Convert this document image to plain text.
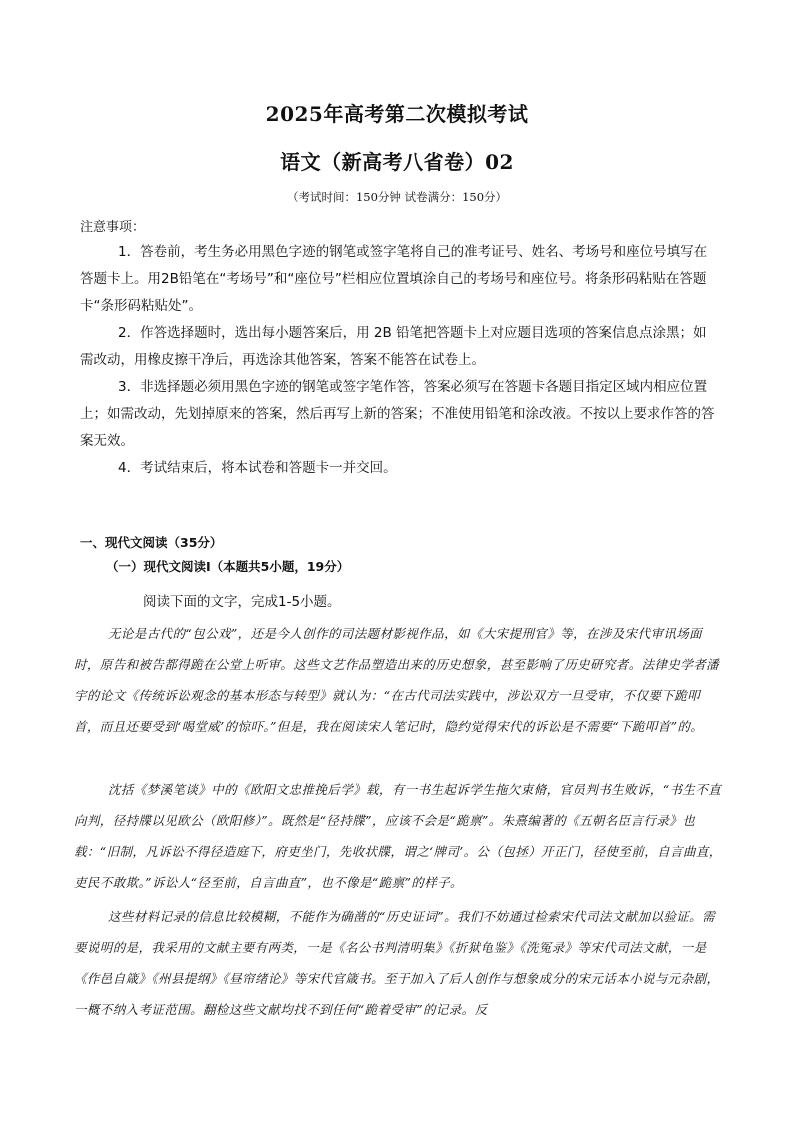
2025年高考第二次模拟考试
语文（新高考八省卷）02
（考试时间：150分钟 试卷满分：150分）
注意事项：
1．答卷前，考生务必用黑色字迹的钢笔或签字笔将自己的准考证号、姓名、考场号和座位号填写在答题卡上。用2B铅笔在“考场号”和“座位号”栏相应位置填涂自己的考场号和座位号。将条形码粘贴在答题卡“条形码粘贴处”。
2．作答选择题时，选出每小题答案后，用 2B 铅笔把答题卡上对应题目选项的答案信息点涂黑；如需改动，用橡皮擦干净后，再选涂其他答案，答案不能答在试卷上。
3．非选择题必须用黑色字迹的钢笔或签字笔作答，答案必须写在答题卡各题目指定区域内相应位置上；如需改动，先划掉原来的答案，然后再写上新的答案；不准使用铅笔和涂改液。不按以上要求作答的答案无效。
4．考试结束后，将本试卷和答题卡一并交回。
一、现代文阅读（35分）
（一）现代文阅读Ⅰ（本题共5小题，19分）
阅读下面的文字，完成1-5小题。
无论是古代的“包公戏”，还是今人创作的司法题材影视作品，如《大宋提刑官》等，在涉及宋代审讯场面时，原告和被告都得跪在公堂上听审。这些文艺作品塑造出来的历史想象，甚至影响了历史研究者。法律史学者潘宇的论文《传统诉讼观念的基本形态与转型》就认为：“在古代司法实践中，涉讼双方一旦受审，不仅要下跪叩首，而且还要受到‘喝堂威’的惊吓。”但是，我在阅读宋人笔记时，隐约觉得宋代的诉讼是不需要“下跪叩首”的。
沈括《梦溪笔谈》中的《欧阳文忠推挽后学》载，有一书生起诉学生拖欠束脩，官员判书生败诉，“书生不直向判，径持牒以见欧公（欧阳修）”。既然是“径持牒”，应该不会是“跪禀”。朱熹编著的《五朝名臣言行录》也载：“旧制，凡诉讼不得径造庭下，府吏坐门，先收状牒，谓之‘牌司’。公（包拯）开正门，径使至前，自言曲直，吏民不敢欺。”诉讼人“径至前，自言曲直”，也不像是“跪禀”的样子。
这些材料记录的信息比较模糊，不能作为确凿的“历史证词”。我们不妨通过检索宋代司法文献加以验证。需要说明的是，我采用的文献主要有两类，一是《名公书判清明集》《折狱龟鉴》《洗冤录》等宋代司法文献，一是《作邑自箴》《州县提纲》《昼帘绪论》等宋代官箴书。至于加入了后人创作与想象成分的宋元话本小说与元杂剧，一概不纳入考证范围。翻检这些文献均找不到任何“跪着受审”的记录。反
